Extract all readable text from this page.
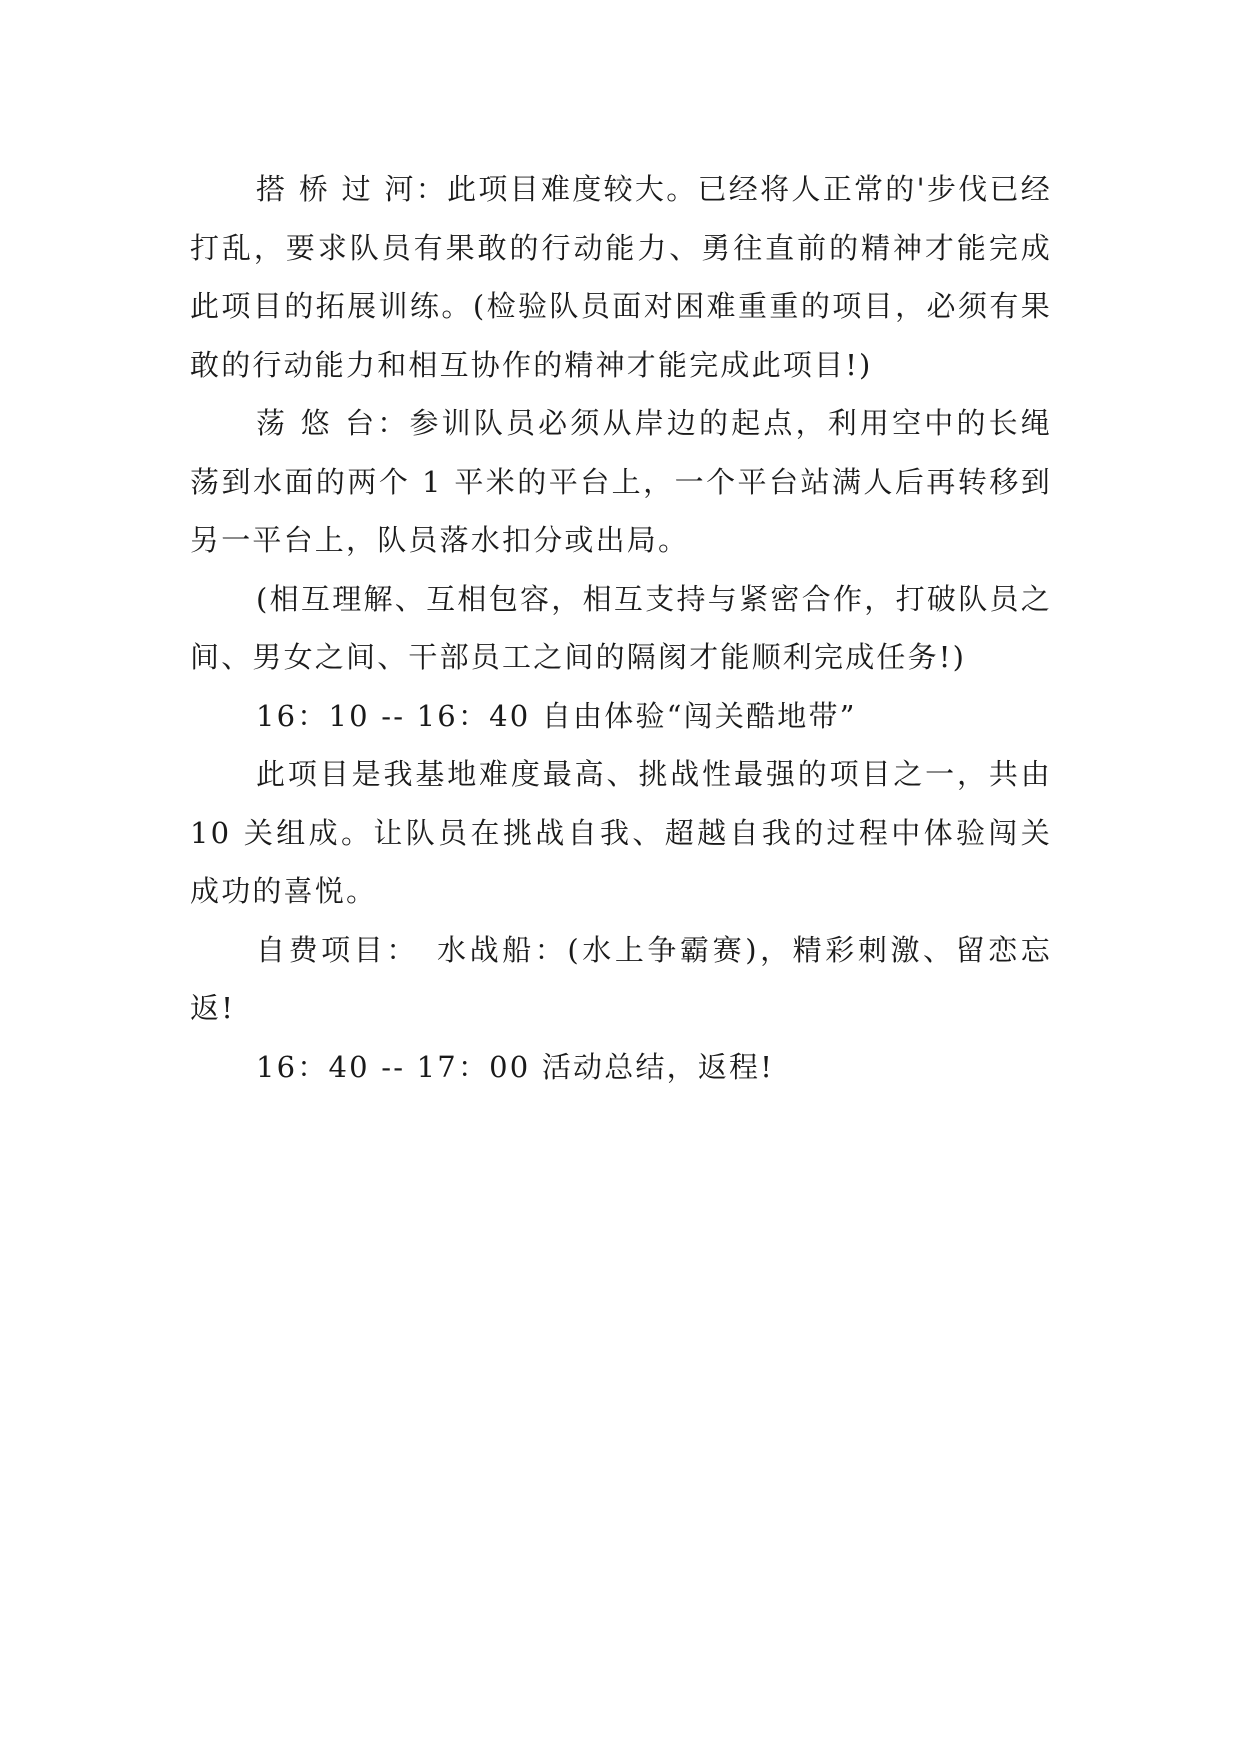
搭 桥 过 河：此项目难度较大。已经将人正常的'步伐已经打乱，要求队员有果敢的行动能力、勇往直前的精神才能完成此项目的拓展训练。(检验队员面对困难重重的项目，必须有果敢的行动能力和相互协作的精神才能完成此项目!)

荡 悠 台：参训队员必须从岸边的起点，利用空中的长绳荡到水面的两个 1 平米的平台上，一个平台站满人后再转移到另一平台上，队员落水扣分或出局。

(相互理解、互相包容，相互支持与紧密合作，打破队员之间、男女之间、干部员工之间的隔阂才能顺利完成任务!)

16：10 -- 16：40 自由体验“闯关酷地带”

此项目是我基地难度最高、挑战性最强的项目之一，共由 10 关组成。让队员在挑战自我、超越自我的过程中体验闯关成功的喜悦。

自费项目：　水战船：(水上争霸赛)，精彩刺激、留恋忘返!

16：40 -- 17：00 活动总结，返程!
